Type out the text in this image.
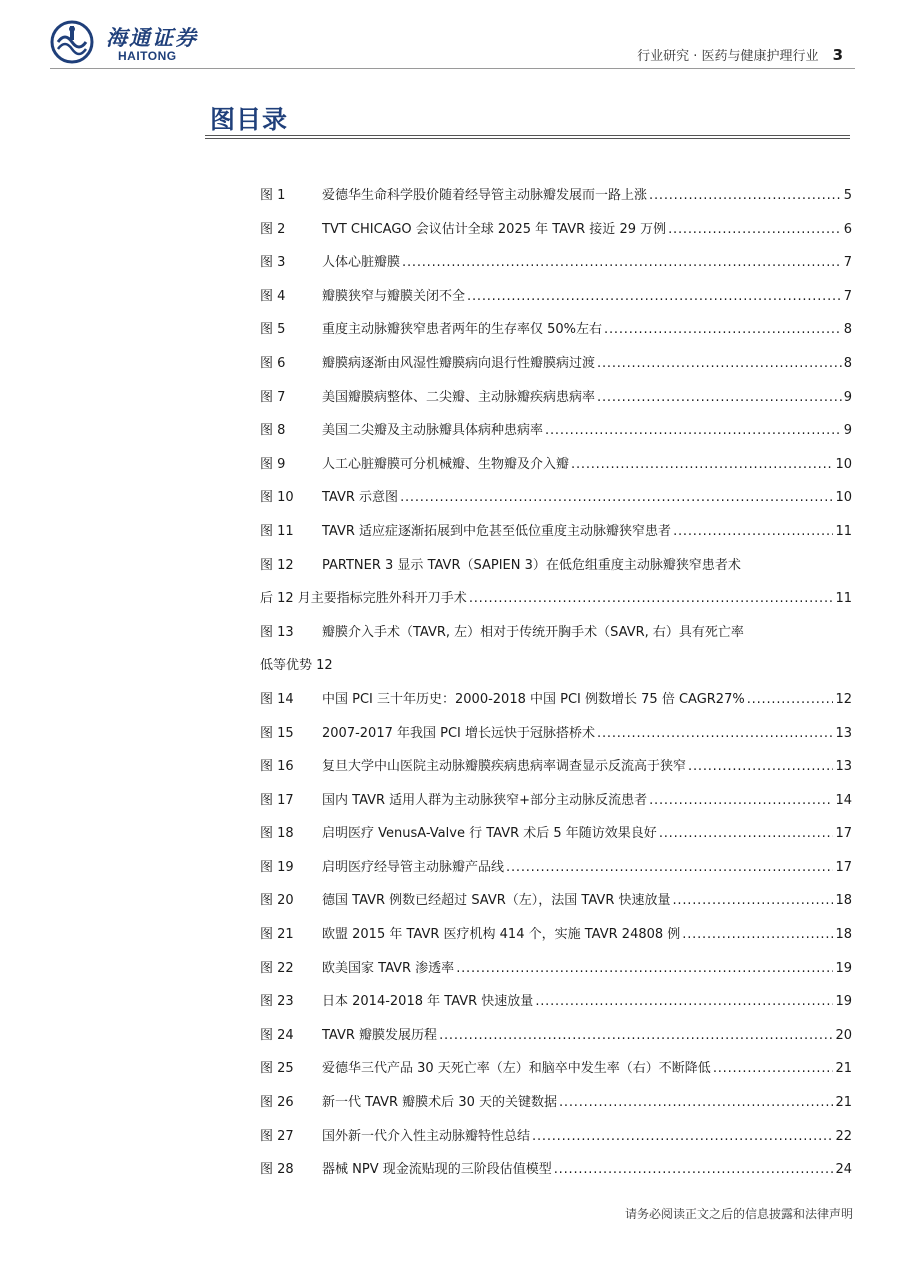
海通证券
HAITONG	行业研究 · 医药与健康护理行业 3
图目录
图 1	爱德华生命科学股价随着经导管主动脉瓣发展而一路上涨 .....	5
图 2	TVT CHICAGO 会议估计全球 2025 年 TAVR 接近 29 万例 .....	6
图 3	人体心脏瓣膜 .....	7
图 4	瓣膜狭窄与瓣膜关闭不全 .....	7
图 5	重度主动脉瓣狭窄患者两年的生存率仅 50%左右 .....	8
图 6	瓣膜病逐渐由风湿性瓣膜病向退行性瓣膜病过渡 .....	8
图 7	美国瓣膜病整体、二尖瓣、主动脉瓣疾病患病率 .....	9
图 8	美国二尖瓣及主动脉瓣具体病种患病率 .....	9
图 9	人工心脏瓣膜可分机械瓣、生物瓣及介入瓣 .....	10
图 10	TAVR 示意图 .....	10
图 11	TAVR 适应症逐渐拓展到中危甚至低位重度主动脉瓣狭窄患者 .....	11
图 12	PARTNER 3 显示 TAVR（SAPIEN 3）在低危组重度主动脉瓣狭窄患者术
后 12 月主要指标完胜外科开刀手术 .....	11
图 13	瓣膜介入手术（TAVR, 左）相对于传统开胸手术（SAVR, 右）具有死亡率
低等优势 12
图 14	中国 PCI 三十年历史：2000-2018 中国 PCI 例数增长 75 倍 CAGR27% .....	12
图 15	2007-2017 年我国 PCI 增长远快于冠脉搭桥术 .....	13
图 16	复旦大学中山医院主动脉瓣膜疾病患病率调查显示反流高于狭窄 .....	13
图 17	国内 TAVR 适用人群为主动脉狭窄+部分主动脉反流患者 .....	14
图 18	启明医疗 VenusA-Valve 行 TAVR 术后 5 年随访效果良好 .....	17
图 19	启明医疗经导管主动脉瓣产品线 .....	17
图 20	德国 TAVR 例数已经超过 SAVR（左），法国 TAVR 快速放量 .....	18
图 21	欧盟 2015 年 TAVR 医疗机构 414 个，实施 TAVR 24808 例 .....	18
图 22	欧美国家 TAVR 渗透率 .....	19
图 23	日本 2014-2018 年 TAVR 快速放量 .....	19
图 24	TAVR 瓣膜发展历程 .....	20
图 25	爱德华三代产品 30 天死亡率（左）和脑卒中发生率（右）不断降低 .....	21
图 26	新一代 TAVR 瓣膜术后 30 天的关键数据 .....	21
图 27	国外新一代介入性主动脉瓣特性总结 .....	22
图 28	器械 NPV 现金流贴现的三阶段估值模型 .....	24
请务必阅读正文之后的信息披露和法律声明
